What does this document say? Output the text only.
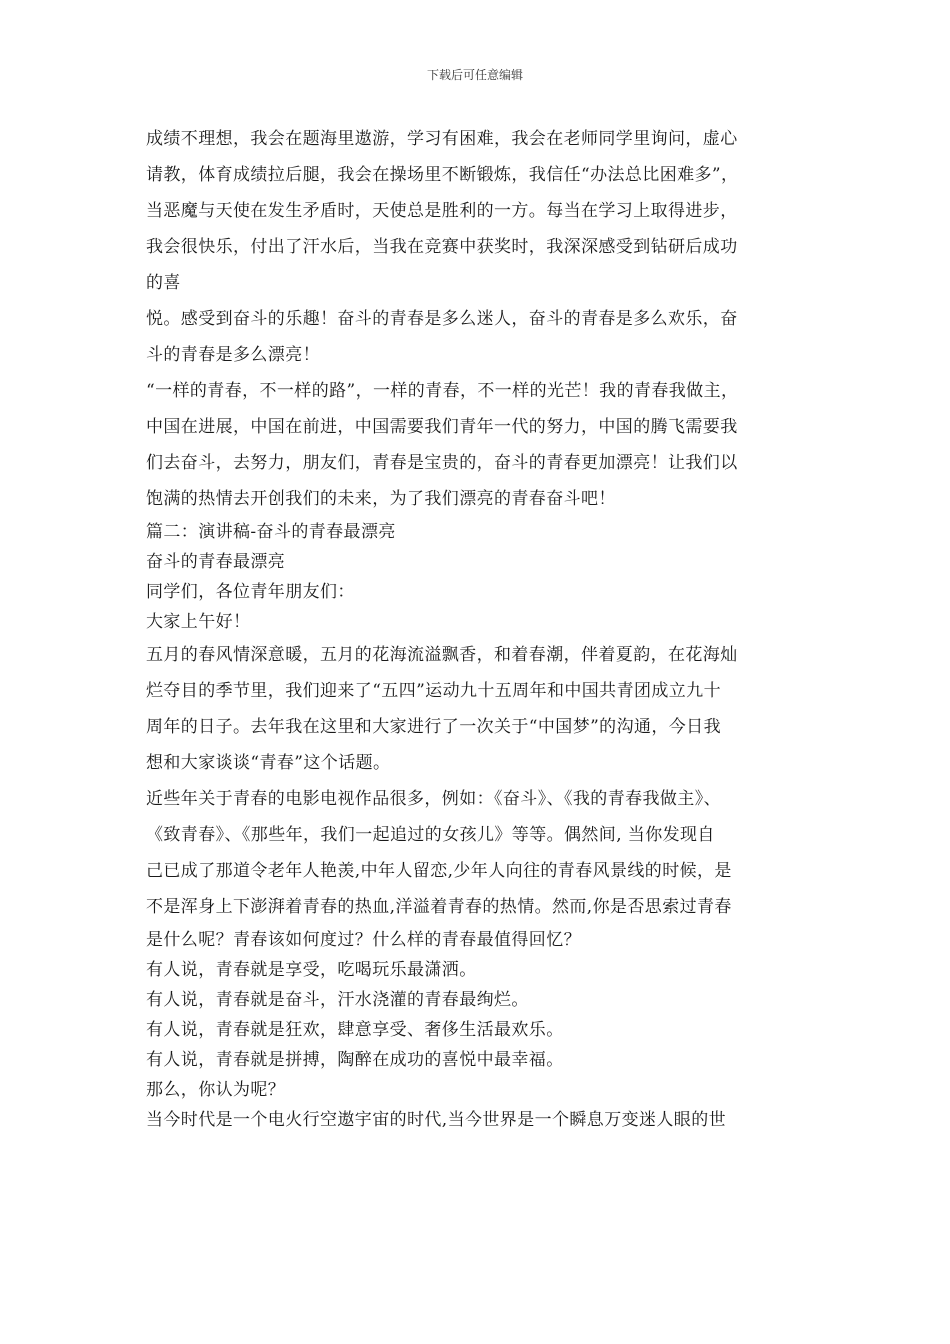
下载后可任意编辑
成绩不理想，我会在题海里遨游，学习有困难，我会在老师同学里询问，虚心
请教，体育成绩拉后腿，我会在操场里不断锻炼，我信任“办法总比困难多”，
当恶魔与天使在发生矛盾时，天使总是胜利的一方。每当在学习上取得进步，
我会很快乐，付出了汗水后，当我在竞赛中获奖时，我深深感受到钻研后成功
的喜
悦。感受到奋斗的乐趣！奋斗的青春是多么迷人，奋斗的青春是多么欢乐，奋
斗的青春是多么漂亮！
“一样的青春，不一样的路”，一样的青春，不一样的光芒！我的青春我做主，
中国在进展，中国在前进，中国需要我们青年一代的努力，中国的腾飞需要我
们去奋斗，去努力，朋友们，青春是宝贵的，奋斗的青春更加漂亮！让我们以
饱满的热情去开创我们的未来，为了我们漂亮的青春奋斗吧！
篇二：演讲稿-奋斗的青春最漂亮
奋斗的青春最漂亮
同学们，各位青年朋友们：
大家上午好！
五月的春风情深意暖，五月的花海流溢飘香，和着春潮，伴着夏韵，在花海灿
烂夺目的季节里，我们迎来了“五四”运动九十五周年和中国共青团成立九十
周年的日子。去年我在这里和大家进行了一次关于“中国梦”的沟通，今日我
想和大家谈谈“青春”这个话题。
近些年关于青春的电影电视作品很多，例如：《奋斗》、《我的青春我做主》、
《致青春》、《那些年，我们一起追过的女孩儿》等等。偶然间, 当你发现自
己已成了那道令老年人艳羡,中年人留恋,少年人向往的青春风景线的时候，是
不是浑身上下澎湃着青春的热血,洋溢着青春的热情。然而,你是否思索过青春
是什么呢？青春该如何度过？什么样的青春最值得回忆？
有人说，青春就是享受，吃喝玩乐最潇洒。
有人说，青春就是奋斗，汗水浇灌的青春最绚烂。
有人说，青春就是狂欢，肆意享受、奢侈生活最欢乐。
有人说，青春就是拼搏，陶醉在成功的喜悦中最幸福。
那么，你认为呢？
当今时代是一个电火行空遨宇宙的时代,当今世界是一个瞬息万变迷人眼的世
